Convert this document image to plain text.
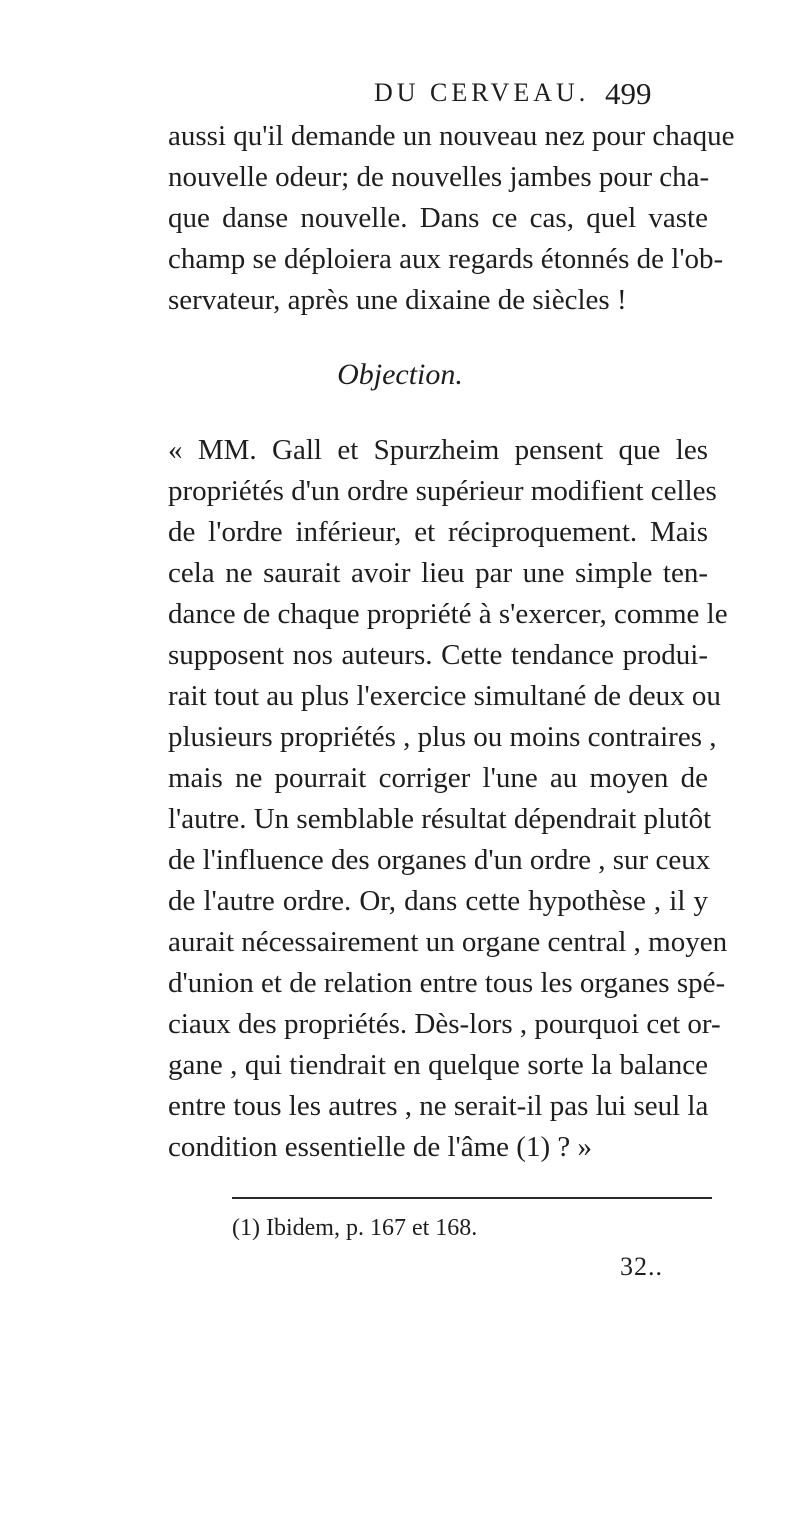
DU CERVEAU. 499
aussi qu'il demande un nouveau nez pour chaque
nouvelle odeur; de nouvelles jambes pour cha-
que danse nouvelle. Dans ce cas, quel vaste
champ se déploiera aux regards étonnés de l'ob-
servateur, après une dixaine de siècles !
Objection.
« MM. Gall et Spurzheim pensent que les
propriétés d'un ordre supérieur modifient celles
de l'ordre inférieur, et réciproquement. Mais
cela ne saurait avoir lieu par une simple ten-
dance de chaque propriété à s'exercer, comme le
supposent nos auteurs. Cette tendance produi-
rait tout au plus l'exercice simultané de deux ou
plusieurs propriétés , plus ou moins contraires ,
mais ne pourrait corriger l'une au moyen de
l'autre. Un semblable résultat dépendrait plutôt
de l'influence des organes d'un ordre , sur ceux
de l'autre ordre. Or, dans cette hypothèse , il y
aurait nécessairement un organe central , moyen
d'union et de relation entre tous les organes spé-
ciaux des propriétés. Dès-lors , pourquoi cet or-
gane , qui tiendrait en quelque sorte la balance
entre tous les autres , ne serait-il pas lui seul la
condition essentielle de l'âme (1) ? »
(1) Ibidem, p. 167 et 168.
32..
